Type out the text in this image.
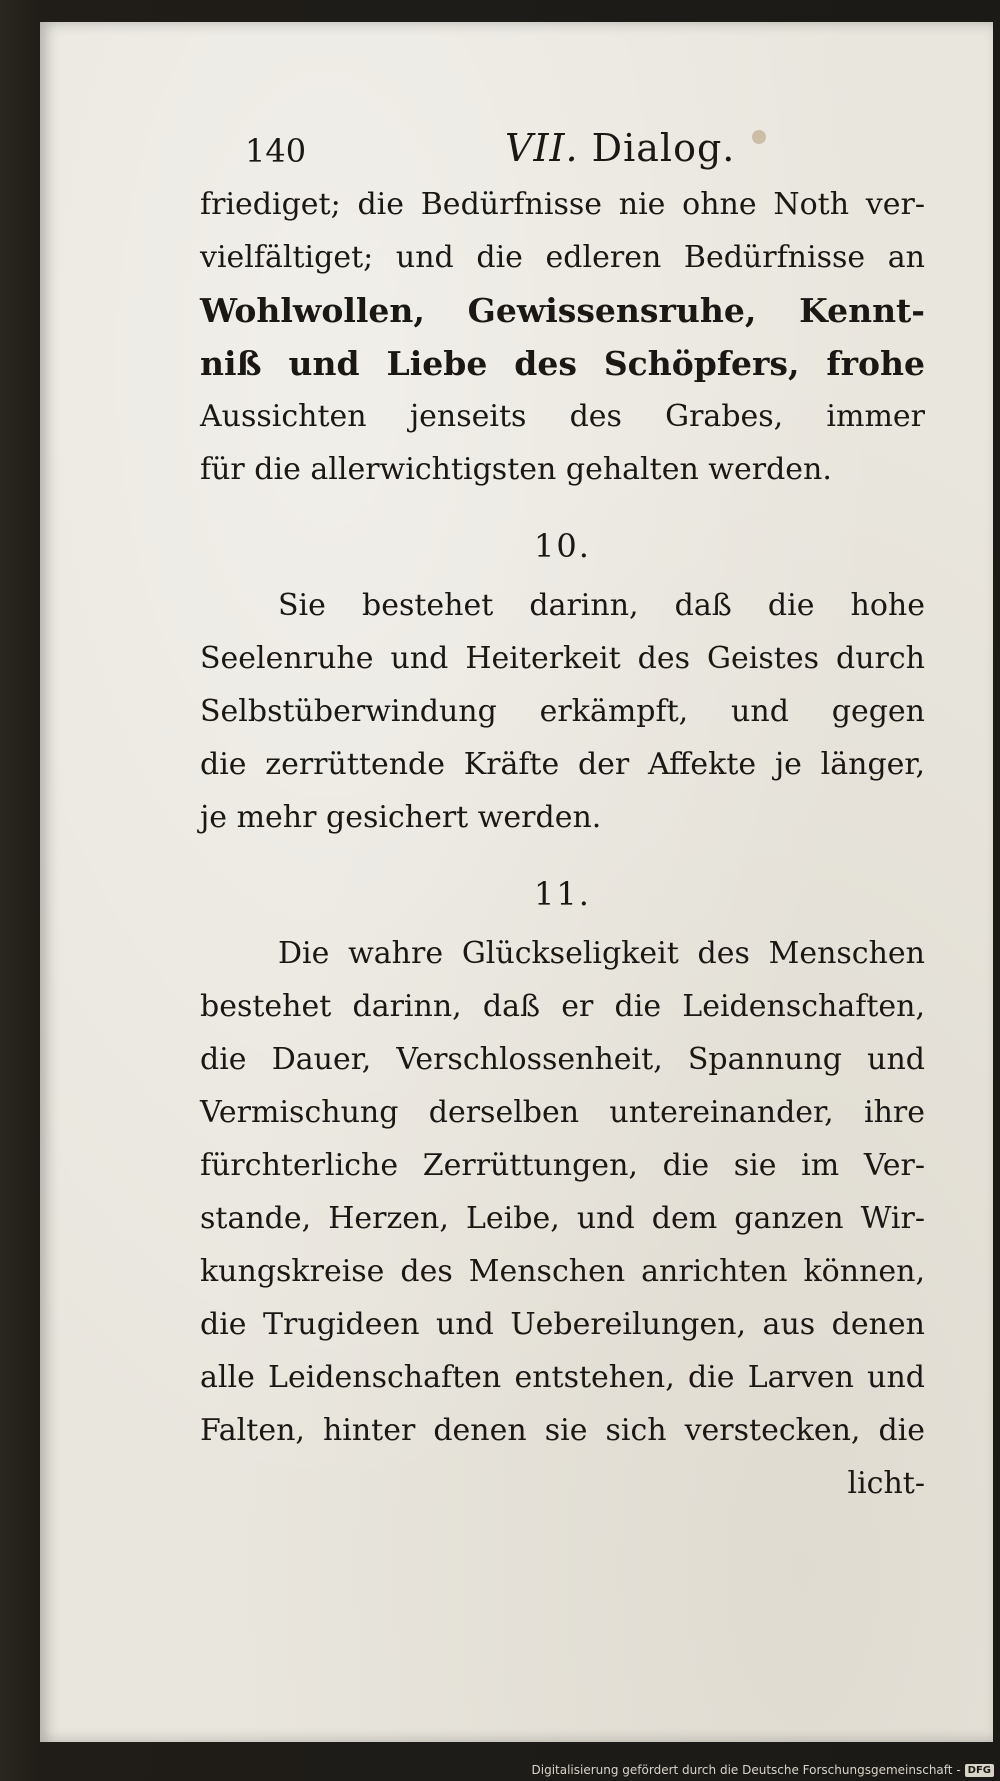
140	VII. Dialog.
friediget; die Bedürfnisse nie ohne Noth ver-
vielfältiget; und die edleren Bedürfnisse an
Wohlwollen, Gewissensruhe, Kennt-
niß und Liebe des Schöpfers, frohe
Aussichten jenseits des Grabes, immer
für die allerwichtigsten gehalten werden.
10.
Sie bestehet darinn, daß die hohe
Seelenruhe und Heiterkeit des Geistes durch
Selbstüberwindung erkämpft, und gegen
die zerrüttende Kräfte der Affekte je länger,
je mehr gesichert werden.
11.
Die wahre Glückseligkeit des Menschen
bestehet darinn, daß er die Leidenschaften,
die Dauer, Verschlossenheit, Spannung und
Vermischung derselben untereinander, ihre
fürchterliche Zerrüttungen, die sie im Ver-
stande, Herzen, Leibe, und dem ganzen Wir-
kungskreise des Menschen anrichten können,
die Trugideen und Uebereilungen, aus denen
alle Leidenschaften entstehen, die Larven und
Falten, hinter denen sie sich verstecken, die
licht-
Digitalisierung gefördert durch die Deutsche Forschungsgemeinschaft - DFG
